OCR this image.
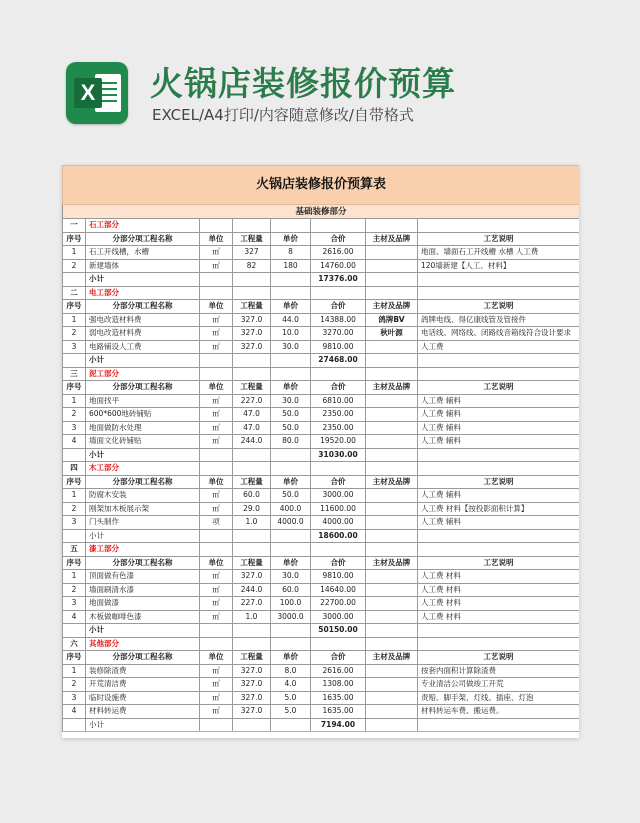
X 火锅店装修报价预算
EXCEL/A4打印/内容随意修改/自带格式
火锅店装修报价预算表							
基础装修部分							
一	石工部分						
序号	分部分项工程名称	单位	工程量	单价	合价	主材及品牌	工艺说明
1	石工开线槽，水槽	㎡	327	8	2616.00		地面、墙面石工开线槽 水槽 人工费
2	新建墙体	㎡	82	180	14760.00		120墙新建【人工、材料】
	小计				17376.00		
二	电工部分						
序号	分部分项工程名称	单位	工程量	单价	合价	主材及品牌	工艺说明
1	强电改造材料费	㎡	327.0	44.0	14388.00	鸽牌BV	鸽牌电线、得亿康线管及管接件
2	弱电改造材料费	㎡	327.0	10.0	3270.00	秋叶源	电话线、网络线、闭路线音箱线符合设计要求
3	电路铺设人工费	㎡	327.0	30.0	9810.00		人工费
	小计				27468.00		
三	泥工部分						
序号	分部分项工程名称	单位	工程量	单价	合价	主材及品牌	工艺说明
1	地面找平	㎡	227.0	30.0	6810.00		人工费 辅料
2	600*600地砖铺贴	㎡	47.0	50.0	2350.00		人工费 辅料
3	地面做防水处理	㎡	47.0	50.0	2350.00		人工费 辅料
4	墙面文化砖铺贴	㎡	244.0	80.0	19520.00		人工费 辅料
	小计				31030.00		
四	木工部分						
序号	分部分项工程名称	单位	工程量	单价	合价	主材及品牌	工艺说明
1	防腐木安装	㎡	60.0	50.0	3000.00		人工费 辅料
2	刚架加木板展示架	㎡	29.0	400.0	11600.00		人工费 材料【按投影面积计算】
3	门头制作	项	1.0	4000.0	4000.00		人工费 辅料
	小计				18600.00		
五	漆工部分						
序号	分部分项工程名称	单位	工程量	单价	合价	主材及品牌	工艺说明
1	顶面做有色漆	㎡	327.0	30.0	9810.00		人工费 材料
2	墙面刷清水漆	㎡	244.0	60.0	14640.00		人工费 材料
3	地面做漆	㎡	227.0	100.0	22700.00		人工费 材料
4	木板做咖啡色漆	㎡	1.0	3000.0	3000.00		人工费 材料
	小计				50150.00		
六	其他部分						
序号	分部分项工程名称	单位	工程量	单价	合价	主材及品牌	工艺说明
1	装修除渣费	㎡	327.0	8.0	2616.00		按套内面积计算除渣费
2	开荒清洁费	㎡	327.0	4.0	1308.00		专业清洁公司做竣工开荒
3	临时设施费	㎡	327.0	5.0	1635.00		责赔、脚手架、灯线、插座、灯泡
4	材料转运费	㎡	327.0	5.0	1635.00		材料转运车费、搬运费。
	小计				7194.00		
